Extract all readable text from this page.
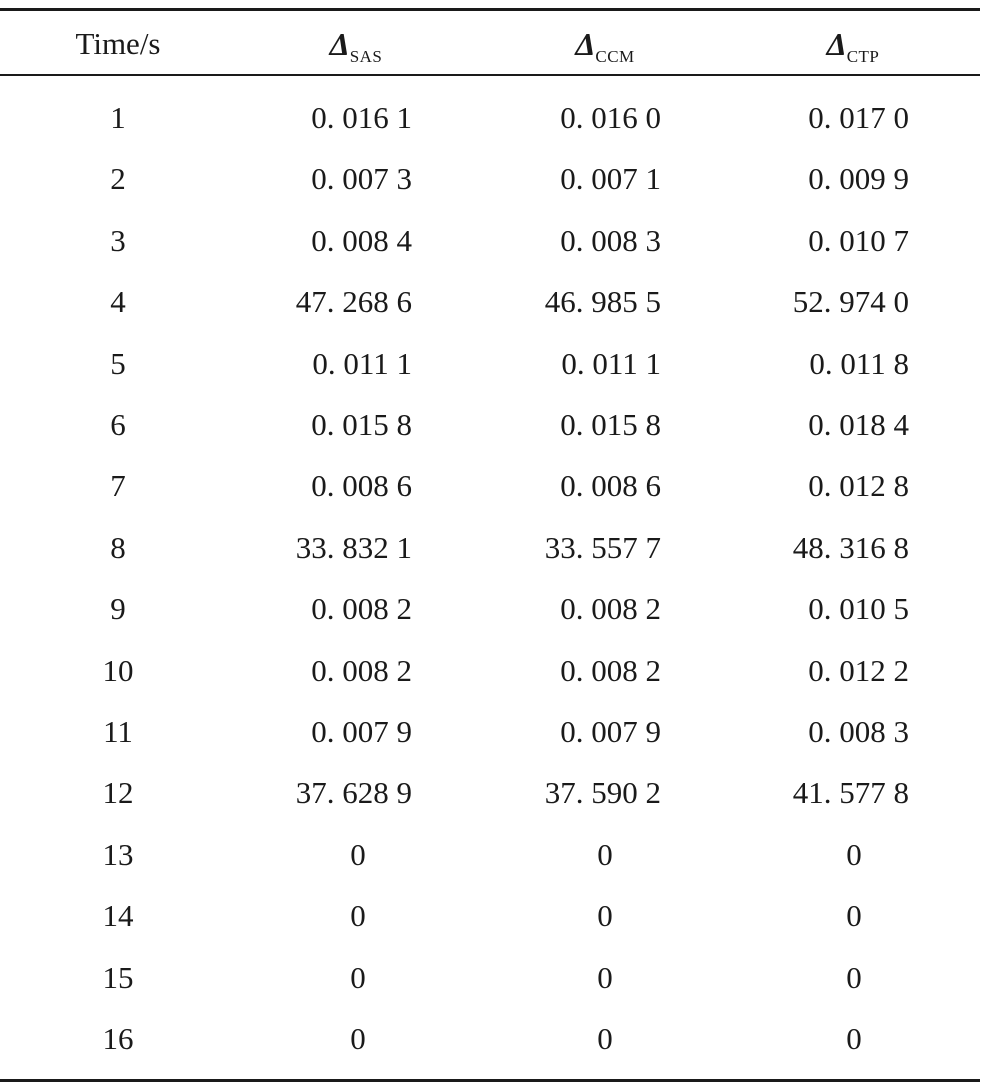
Time/s	$\Delta_{SAS}$	$\Delta_{CCM}$	$\Delta_{CTP}$
1	0. 016 1	0. 016 0	0. 017 0
2	0. 007 3	0. 007 1	0. 009 9
3	0. 008 4	0. 008 3	0. 010 7
4	47. 268 6	46. 985 5	52. 974 0
5	0. 011 1	0. 011 1	0. 011 8
6	0. 015 8	0. 015 8	0. 018 4
7	0. 008 6	0. 008 6	0. 012 8
8	33. 832 1	33. 557 7	48. 316 8
9	0. 008 2	0. 008 2	0. 010 5
10	0. 008 2	0. 008 2	0. 012 2
11	0. 007 9	0. 007 9	0. 008 3
12	37. 628 9	37. 590 2	41. 577 8
13	0	0	0
14	0	0	0
15	0	0	0
16	0	0	0
